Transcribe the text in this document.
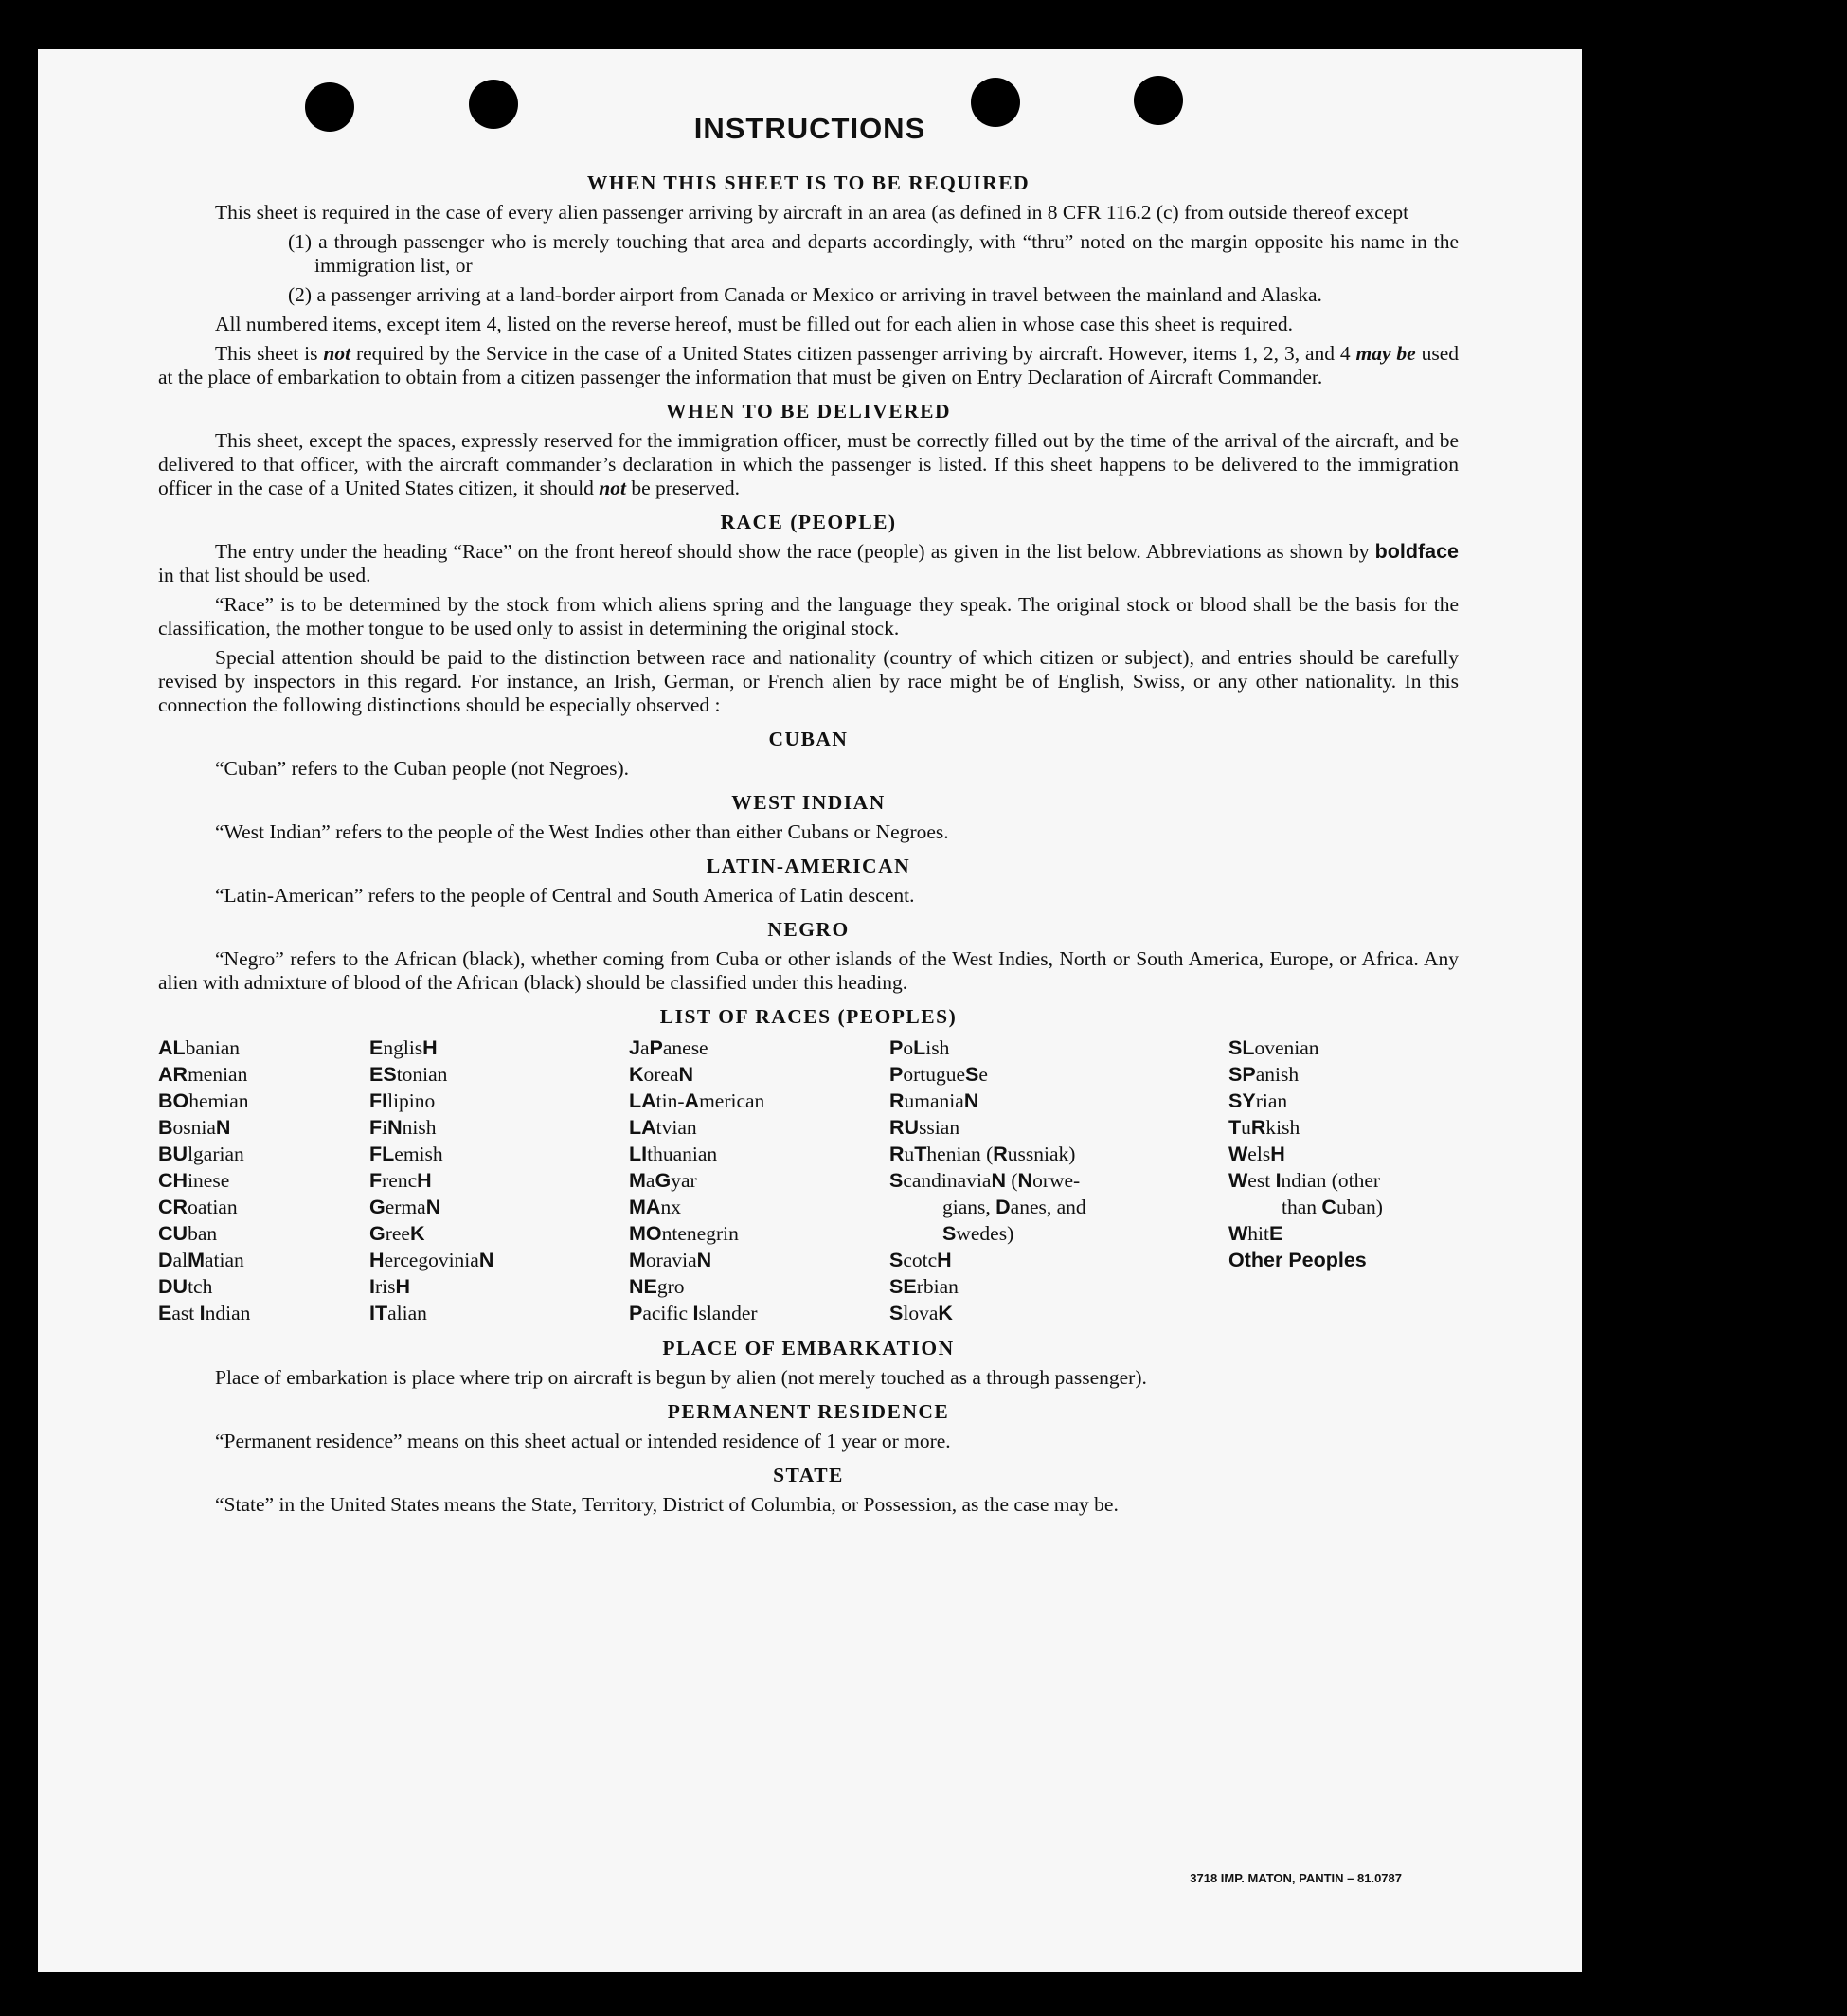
INSTRUCTIONS
WHEN THIS SHEET IS TO BE REQUIRED

This sheet is required in the case of every alien passenger arriving by aircraft in an area (as defined in 8 CFR 116.2 (c) from outside thereof except

(1) a through passenger who is merely touching that area and departs accordingly, with “thru” noted on the margin opposite his name in the immigration list, or

(2) a passenger arriving at a land-border airport from Canada or Mexico or arriving in travel between the mainland and Alaska.

All numbered items, except item 4, listed on the reverse hereof, must be filled out for each alien in whose case this sheet is required.

This sheet is not required by the Service in the case of a United States citizen passenger arriving by aircraft. However, items 1, 2, 3, and 4 may be used at the place of embarkation to obtain from a citizen passenger the information that must be given on Entry Declaration of Aircraft Commander.

WHEN TO BE DELIVERED

This sheet, except the spaces, expressly reserved for the immigration officer, must be correctly filled out by the time of the arrival of the aircraft, and be delivered to that officer, with the aircraft commander’s declaration in which the passenger is listed. If this sheet happens to be delivered to the immigration officer in the case of a United States citizen, it should not be preserved.

RACE (PEOPLE)

The entry under the heading “Race” on the front hereof should show the race (people) as given in the list below. Abbreviations as shown by boldface in that list should be used.

“Race” is to be determined by the stock from which aliens spring and the language they speak. The original stock or blood shall be the basis for the classification, the mother tongue to be used only to assist in determining the original stock.

Special attention should be paid to the distinction between race and nationality (country of which citizen or subject), and entries should be carefully revised by inspectors in this regard. For instance, an Irish, German, or French alien by race might be of English, Swiss, or any other nationality. In this connection the following distinctions should be especially observed :

CUBAN

“Cuban” refers to the Cuban people (not Negroes).

WEST INDIAN

“West Indian” refers to the people of the West Indies other than either Cubans or Negroes.

LATIN-AMERICAN

“Latin-American” refers to the people of Central and South America of Latin descent.

NEGRO

“Negro” refers to the African (black), whether coming from Cuba or other islands of the West Indies, North or South America, Europe, or Africa. Any alien with admixture of blood of the African (black) should be classified under this heading.

LIST OF RACES (PEOPLES)
ALbanian
ARmenian
BOhemian
BosniaN
BUlgarian
CHinese
CRoatian
CUban
DalMatian
DUtch
East Indian
EnglisH
EStonian
FIlipino
FiNnish
FLemish
FrencH
GermaN
GreeK
HercegoviniaN
IrisH
ITalian
JaPanese
KoreaN
LAtin-American
LAtvian
LIthuanian
MaGyar
MAnx
MOntenegrin
MoraviaN
NEgro
Pacific Islander
PoLish
PortugueSe
RumaniaN
RUssian
RuThenian (Russniak)
ScandinaviaN (Norwe-
gians, Danes, and
Swedes)
ScotcH
SErbian
SlovaK
SLovenian
SPanish
SYrian
TuRkish
WelsH
West Indian (other
than Cuban)
WhitE
Other Peoples
PLACE OF EMBARKATION

Place of embarkation is place where trip on aircraft is begun by alien (not merely touched as a through passenger).

PERMANENT RESIDENCE

“Permanent residence” means on this sheet actual or intended residence of 1 year or more.

STATE

“State” in the United States means the State, Territory, District of Columbia, or Possession, as the case may be.

3718 IMP. MATON, PANTIN – 81.0787
